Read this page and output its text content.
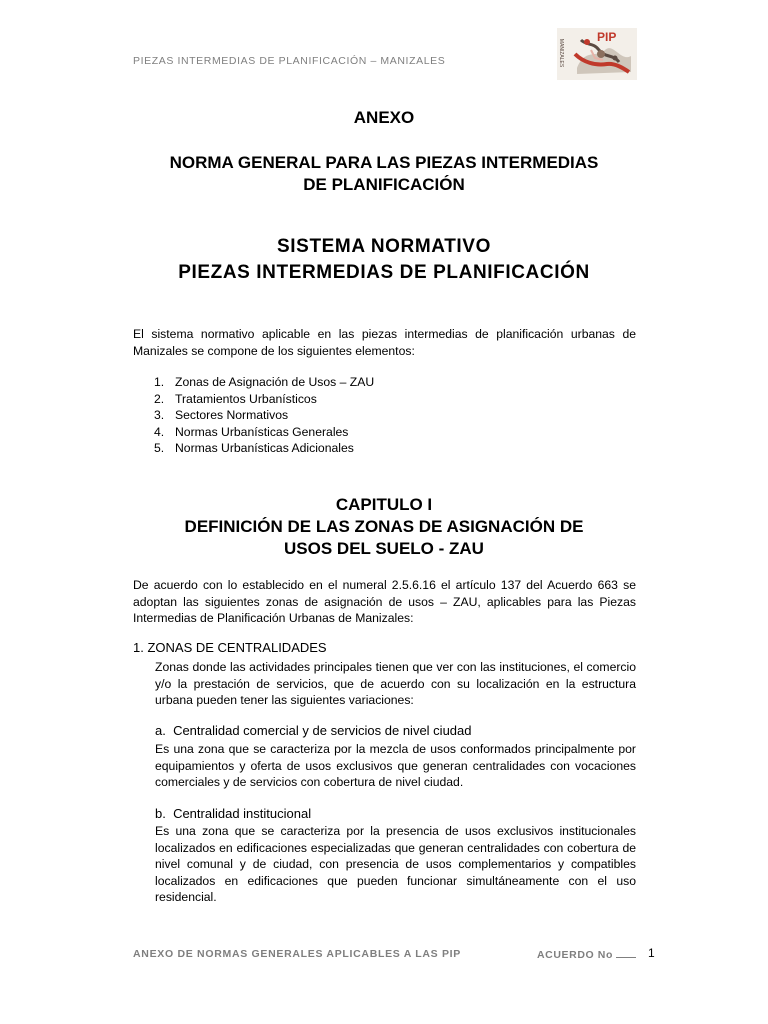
PIEZAS INTERMEDIAS DE PLANIFICACIÓN – MANIZALES
PIP
MANIZALES
ANEXO
NORMA GENERAL PARA LAS PIEZAS INTERMEDIAS
DE PLANIFICACIÓN
SISTEMA NORMATIVO
PIEZAS INTERMEDIAS DE PLANIFICACIÓN
El sistema normativo aplicable en las piezas intermedias de planificación urbanas de Manizales se compone de los siguientes elementos:
1. Zonas de Asignación de Usos – ZAU
2. Tratamientos Urbanísticos
3. Sectores Normativos
4. Normas Urbanísticas Generales
5. Normas Urbanísticas Adicionales
CAPITULO I
DEFINICIÓN DE LAS ZONAS DE ASIGNACIÓN DE
USOS DEL SUELO - ZAU
De acuerdo con lo establecido en el numeral 2.5.6.16 el artículo 137 del Acuerdo 663 se adoptan las siguientes zonas de asignación de usos – ZAU, aplicables para las Piezas Intermedias de Planificación Urbanas de Manizales:
1. ZONAS DE CENTRALIDADES
Zonas donde las actividades principales tienen que ver con las instituciones, el comercio y/o la prestación de servicios, que de acuerdo con su localización en la estructura urbana pueden tener las siguientes variaciones:
a.  Centralidad comercial y de servicios de nivel ciudad
Es una zona que se caracteriza por la mezcla de usos conformados principalmente por equipamientos y oferta de usos exclusivos que generan centralidades con vocaciones comerciales y de servicios con cobertura de nivel ciudad.
b.  Centralidad institucional
Es una zona que se caracteriza por la presencia de usos exclusivos institucionales localizados en edificaciones especializadas que generan centralidades con cobertura de nivel comunal y de ciudad, con presencia de usos complementarios y compatibles localizados en edificaciones que pueden funcionar simultáneamente con el uso residencial.
ANEXO DE NORMAS GENERALES APLICABLES A LAS PIP	ACUERDO No	1
